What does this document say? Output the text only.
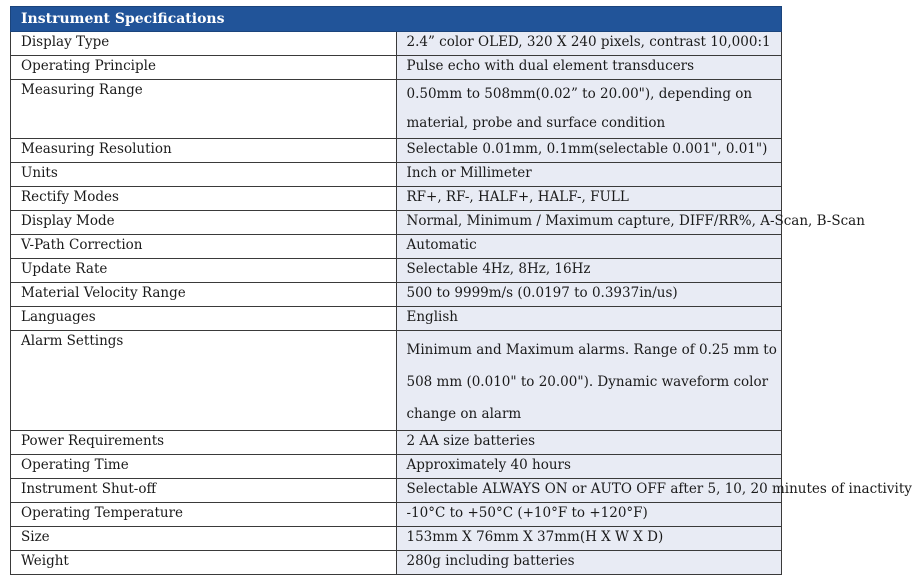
Instrument Specifications	
Display Type	2.4” color OLED, 320 X 240 pixels, contrast 10,000:1
Operating Principle	Pulse echo with dual element transducers
Measuring Range	0.50mm to 508mm(0.02” to 20.00"), depending on material, probe and surface condition
Measuring Resolution	Selectable 0.01mm, 0.1mm(selectable 0.001", 0.01")
Units	Inch or Millimeter
Rectify Modes	RF+, RF-, HALF+, HALF-, FULL
Display Mode	Normal, Minimum / Maximum capture, DIFF/RR%, A-Scan, B-Scan
V-Path Correction	Automatic
Update Rate	Selectable 4Hz, 8Hz, 16Hz
Material Velocity Range	500 to 9999m/s (0.0197 to 0.3937in/us)
Languages	English
Alarm Settings	Minimum and Maximum alarms. Range of 0.25 mm to 508 mm (0.010" to 20.00"). Dynamic waveform color change on alarm
Power Requirements	2 AA size batteries
Operating Time	Approximately 40 hours
Instrument Shut-off	Selectable ALWAYS ON or AUTO OFF after 5, 10, 20 minutes of inactivity
Operating Temperature	-10°C to +50°C (+10°F to +120°F)
Size	153mm X 76mm X 37mm(H X W X D)
Weight	280g including batteries
